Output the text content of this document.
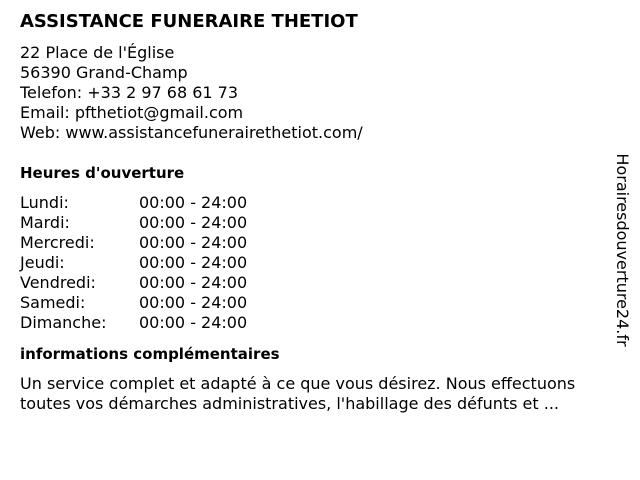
ASSISTANCE FUNERAIRE THETIOT
22 Place de l'Église
56390 Grand-Champ
Telefon: +33 2 97 68 61 73
Email: pfthetiot@gmail.com
Web: www.assistancefunerairethetiot.com/
Heures d'ouverture
Lundi:	00:00 - 24:00
Mardi:	00:00 - 24:00
Mercredi:	00:00 - 24:00
Jeudi:	00:00 - 24:00
Vendredi:	00:00 - 24:00
Samedi:	00:00 - 24:00
Dimanche:	00:00 - 24:00
informations complémentaires
Un service complet et adapté à ce que vous désirez. Nous effectuons toutes vos démarches administratives, l'habillage des défunts et ...
Horairesdouverture24.fr
